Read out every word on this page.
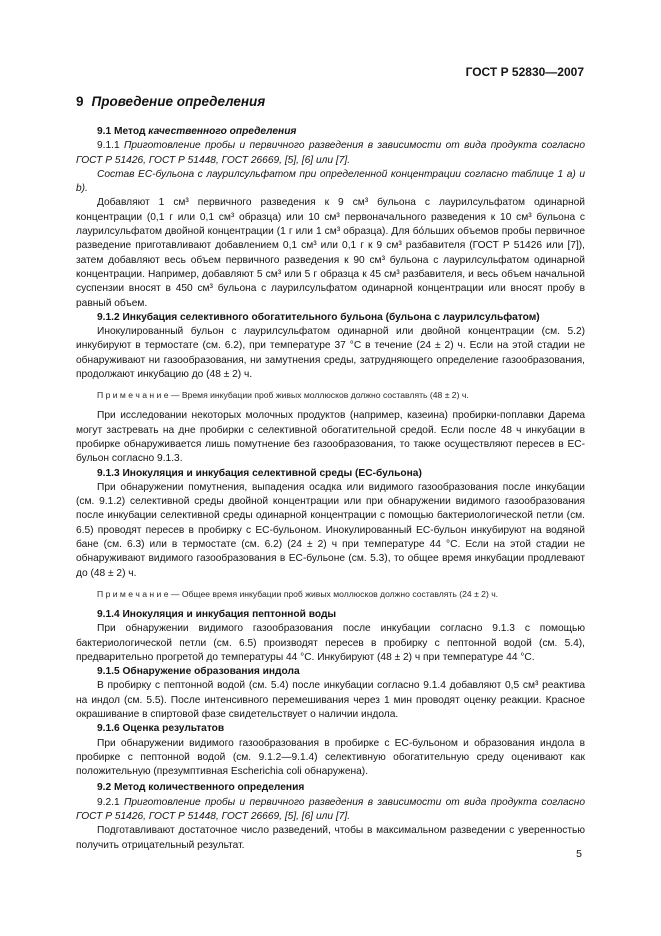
ГОСТ Р 52830—2007

9 Проведение определения

9.1 Метод качественного определения

9.1.1 Приготовление пробы и первичного разведения в зависимости от вида продукта согласно ГОСТ Р 51426, ГОСТ Р 51448, ГОСТ 26669, [5], [6] или [7].

Состав ЕС-бульона с лаурилсульфатом при определенной концентрации согласно таблице 1 а) и b).

Добавляют 1 см³ первичного разведения к 9 см³ бульона с лаурилсульфатом одинарной концентрации (0,1 г или 0,1 см³ образца) или 10 см³ первоначального разведения к 10 см³ бульона с лаурилсульфатом двойной концентрации (1 г или 1 см³ образца). Для бо́льших объемов пробы первичное разведение приготавливают добавлением 0,1 см³ или 0,1 г к 9 см³ разбавителя (ГОСТ Р 51426 или [7]), затем добавляют весь объем первичного разведения к 90 см³ бульона с лаурилсульфатом одинарной концентрации. Например, добавляют 5 см³ или 5 г образца к 45 см³ разбавителя, и весь объем начальной суспензии вносят в 450 см³ бульона с лаурилсульфатом одинарной концентрации или вносят пробу в равный объем.

9.1.2 Инкубация селективного обогатительного бульона (бульона с лаурилсульфатом)

Инокулированный бульон с лаурилсульфатом одинарной или двойной концентрации (см. 5.2) инкубируют в термостате (см. 6.2), при температуре 37 °С в течение (24 ± 2) ч. Если на этой стадии не обнаруживают ни газообразования, ни замутнения среды, затрудняющего определение газообразования, продолжают инкубацию до (48 ± 2) ч.

П р и м е ч а н и е — Время инкубации проб живых моллюсков должно составлять (48 ± 2) ч.

При исследовании некоторых молочных продуктов (например, казеина) пробирки-поплавки Дарема могут застревать на дне пробирки с селективной обогатительной средой. Если после 48 ч инкубации в пробирке обнаруживается лишь помутнение без газообразования, то также осуществляют пересев в ЕС-бульон согласно 9.1.3.

9.1.3 Инокуляция и инкубация селективной среды (ЕС-бульона)

При обнаружении помутнения, выпадения осадка или видимого газообразования после инкубации (см. 9.1.2) селективной среды двойной концентрации или при обнаружении видимого газообразования после инкубации селективной среды одинарной концентрации с помощью бактериологической петли (см. 6.5) проводят пересев в пробирку с ЕС-бульоном. Инокулированный ЕС-бульон инкубируют на водяной бане (см. 6.3) или в термостате (см. 6.2) (24 ± 2) ч при температуре 44 °С. Если на этой стадии не обнаруживают видимого газообразования в ЕС-бульоне (см. 5.3), то общее время инкубации продлевают до (48 ± 2) ч.

П р и м е ч а н и е — Общее время инкубации проб живых моллюсков должно составлять (24 ± 2) ч.

9.1.4 Инокуляция и инкубация пептонной воды

При обнаружении видимого газообразования после инкубации согласно 9.1.3 с помощью бактериологической петли (см. 6.5) производят пересев в пробирку с пептонной водой (см. 5.4), предварительно прогретой до температуры 44 °С. Инкубируют (48 ± 2) ч при температуре 44 °С.

9.1.5 Обнаружение образования индола

В пробирку с пептонной водой (см. 5.4) после инкубации согласно 9.1.4 добавляют 0,5 см³ реактива на индол (см. 5.5). После интенсивного перемешивания через 1 мин проводят оценку реакции. Красное окрашивание в спиртовой фазе свидетельствует о наличии индола.

9.1.6 Оценка результатов

При обнаружении видимого газообразования в пробирке с ЕС-бульоном и образования индола в пробирке с пептонной водой (см. 9.1.2—9.1.4) селективную обогатительную среду оценивают как положительную (презумптивная Escherichia coli обнаружена).

9.2 Метод количественного определения

9.2.1 Приготовление пробы и первичного разведения в зависимости от вида продукта согласно ГОСТ Р 51426, ГОСТ Р 51448, ГОСТ 26669, [5], [6] или [7].

Подготавливают достаточное число разведений, чтобы в максимальном разведении с уверенностью получить отрицательный результат.

5
